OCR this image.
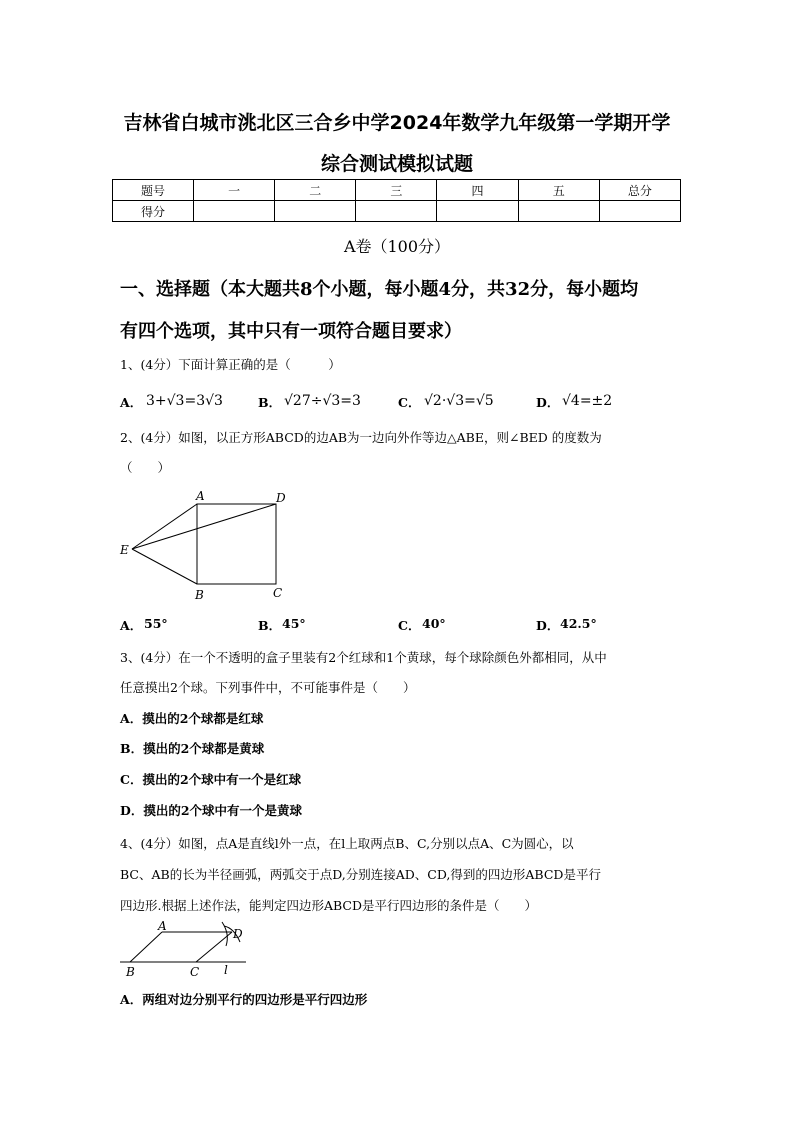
吉林省白城市洮北区三合乡中学2024年数学九年级第一学期开学
综合测试模拟试题
题号	一	二	三	四	五	总分
得分						
A卷（100分）
一、选择题（本大题共8个小题，每小题4分，共32分，每小题均
有四个选项，其中只有一项符合题目要求）
1、(4分）下面计算正确的是（　　　）
A． 3+√3=3√3	B． √27÷√3=3	C． √2·√3=√5	D． √4=±2
2、(4分）如图，以正方形ABCD的边AB为一边向外作等边△ABE，则∠BED 的度数为
（　　）
A	D
E
B	C
A． 55°	B． 45°	C． 40°	D． 42.5°
3、(4分）在一个不透明的盒子里装有2个红球和1个黄球，每个球除颜色外都相同，从中
任意摸出2个球。下列事件中，不可能事件是（　　）
A．摸出的2个球都是红球
B．摸出的2个球都是黄球
C．摸出的2个球中有一个是红球
D．摸出的2个球中有一个是黄球
4、(4分）如图，点A是直线l外一点，在l上取两点B、C,分别以点A、C为圆心，以
BC、AB的长为半径画弧，两弧交于点D,分别连接AD、CD,得到的四边形ABCD是平行
四边形.根据上述作法，能判定四边形ABCD是平行四边形的条件是（　　）
A
D
B	C l
A．两组对边分别平行的四边形是平行四边形
